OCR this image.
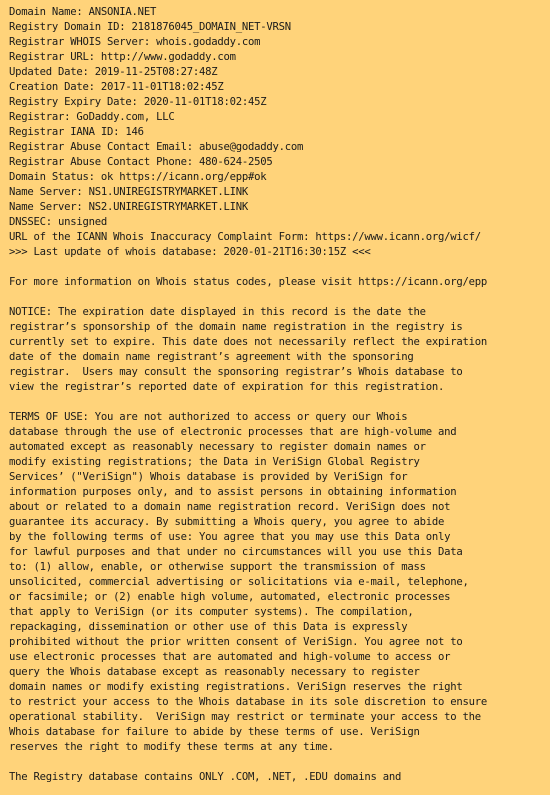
Domain Name: ANSONIA.NET
Registry Domain ID: 2181876045_DOMAIN_NET-VRSN
Registrar WHOIS Server: whois.godaddy.com
Registrar URL: http://www.godaddy.com
Updated Date: 2019-11-25T08:27:48Z
Creation Date: 2017-11-01T18:02:45Z
Registry Expiry Date: 2020-11-01T18:02:45Z
Registrar: GoDaddy.com, LLC
Registrar IANA ID: 146
Registrar Abuse Contact Email: abuse@godaddy.com
Registrar Abuse Contact Phone: 480-624-2505
Domain Status: ok https://icann.org/epp#ok
Name Server: NS1.UNIREGISTRYMARKET.LINK
Name Server: NS2.UNIREGISTRYMARKET.LINK
DNSSEC: unsigned
URL of the ICANN Whois Inaccuracy Complaint Form: https://www.icann.org/wicf/
>>> Last update of whois database: 2020-01-21T16:30:15Z <<<
For more information on Whois status codes, please visit https://icann.org/epp
NOTICE: The expiration date displayed in this record is the date the
registrar’s sponsorship of the domain name registration in the registry is
currently set to expire. This date does not necessarily reflect the expiration
date of the domain name registrant’s agreement with the sponsoring
registrar.  Users may consult the sponsoring registrar’s Whois database to
view the registrar’s reported date of expiration for this registration.
TERMS OF USE: You are not authorized to access or query our Whois
database through the use of electronic processes that are high-volume and
automated except as reasonably necessary to register domain names or
modify existing registrations; the Data in VeriSign Global Registry
Services’ ("VeriSign") Whois database is provided by VeriSign for
information purposes only, and to assist persons in obtaining information
about or related to a domain name registration record. VeriSign does not
guarantee its accuracy. By submitting a Whois query, you agree to abide
by the following terms of use: You agree that you may use this Data only
for lawful purposes and that under no circumstances will you use this Data
to: (1) allow, enable, or otherwise support the transmission of mass
unsolicited, commercial advertising or solicitations via e-mail, telephone,
or facsimile; or (2) enable high volume, automated, electronic processes
that apply to VeriSign (or its computer systems). The compilation,
repackaging, dissemination or other use of this Data is expressly
prohibited without the prior written consent of VeriSign. You agree not to
use electronic processes that are automated and high-volume to access or
query the Whois database except as reasonably necessary to register
domain names or modify existing registrations. VeriSign reserves the right
to restrict your access to the Whois database in its sole discretion to ensure
operational stability.  VeriSign may restrict or terminate your access to the
Whois database for failure to abide by these terms of use. VeriSign
reserves the right to modify these terms at any time.
The Registry database contains ONLY .COM, .NET, .EDU domains and
